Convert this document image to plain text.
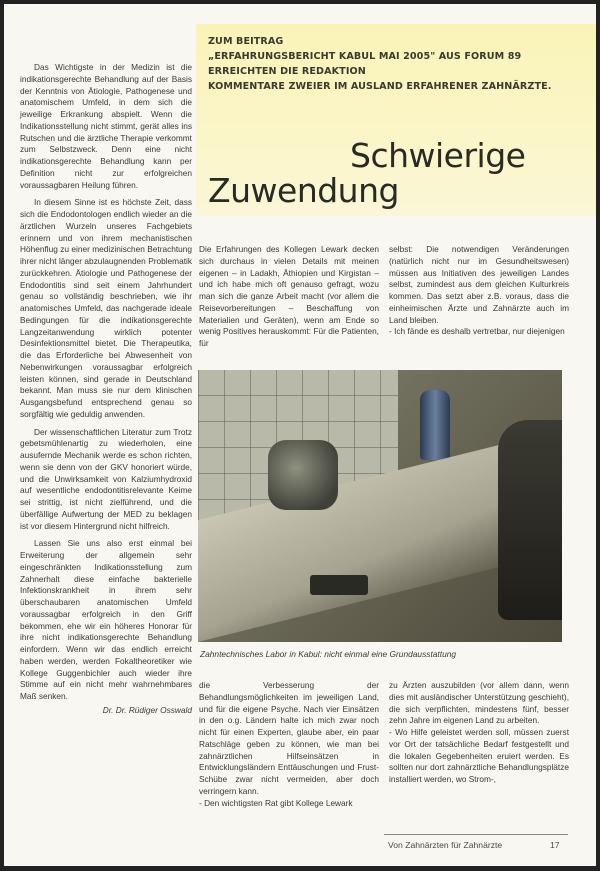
ZUM BEITRAG
„ERFAHRUNGSBERICHT KABUL MAI 2005" AUS FORUM 89
ERREICHTEN DIE REDAKTION
KOMMENTARE ZWEIER IM AUSLAND ERFAHRENER ZAHNÄRZTE.
Schwierige
Zuwendung

Das Wichtigste in der Medizin ist die indikationsgerechte Behandlung auf der Basis der Kenntnis von Ätiologie, Pathogenese und anatomischem Umfeld, in dem sich die jeweilige Erkrankung abspielt. Wenn die Indikationsstellung nicht stimmt, gerät alles ins Rutschen und die ärztliche Therapie verkommt zum Selbstzweck. Denn eine nicht indikationsgerechte Behandlung kann per Definition nicht zur erfolgreichen voraussagbaren Heilung führen.

In diesem Sinne ist es höchste Zeit, dass sich die Endodontologen endlich wieder an die ärztlichen Wurzeln unseres Fachgebiets erinnern und von ihrem mechanistischen Höhenflug zu einer medizinischen Betrachtung ihrer nicht länger abzulaugnenden Problematik zurückkehren. Ätiologie und Pathogenese der Endodontitis sind seit einem Jahrhundert genau so vollständig beschrieben, wie ihr anatomisches Umfeld, das nachgerade ideale Bedingungen für die indikationsgerechte Langzeitanwendung wirklich potenter Desinfektionsmittel bietet. Die Therapeutika, die das Erforderliche bei Abwesenheit von Nebenwirkungen voraussagbar erfolgreich leisten können, sind gerade in Deutschland bekannt. Man muss sie nur dem klinischen Ausgangsbefund entsprechend genau so sorgfältig wie geduldig anwenden.

Der wissenschaftlichen Literatur zum Trotz gebetsmühlenartig zu wiederholen, eine ausufernde Mechanik werde es schon richten, wenn sie denn von der GKV honoriert würde, und die Unwirksamkeit von Kalziumhydroxid auf wesentliche endodontitisrelevante Keime sei strittig, ist nicht zielführend, und die überfällige Aufwertung der MED zu beklagen ist vor diesem Hintergrund nicht hilfreich.

Lassen Sie uns also erst einmal bei Erweiterung der allgemein sehr eingeschränkten Indikationsstellung zum Zahnerhalt diese einfache bakterielle Infektionskrankheit in ihrem sehr überschaubaren anatomischen Umfeld voraussagbar erfolgreich in den Griff bekommen, ehe wir ein höheres Honorar für ihre nicht indikationsgerechte Behandlung einfordern. Wenn wir das endlich erreicht haben werden, werden Fokaltheoretiker wie Kollege Guggenbichler auch wieder ihre Stimme auf ein nicht mehr wahrnehmbares Maß senken.

Dr. Dr. Rüdiger Osswald

Die Erfahrungen des Kollegen Lewark decken sich durchaus in vielen Details mit meinen eigenen – in Ladakh, Äthiopien und Kirgistan – und ich habe mich oft genauso gefragt, wozu man sich die ganze Arbeit macht (vor allem die Reisevorbereitungen – Beschaffung von Materialien und Geräten), wenn am Ende so wenig Positives herauskommt: Für die Patienten, für

selbst: Die notwendigen Veränderungen (natürlich nicht nur im Gesundheitswesen) müssen aus Initiativen des jeweiligen Landes selbst, zumindest aus dem gleichen Kulturkreis kommen. Das setzt aber z.B. voraus, dass die einheimischen Ärzte und Zahnärzte auch im Land bleiben.
- Ich fände es deshalb vertretbar, nur diejenigen

Zahntechnisches Labor in Kabul: nicht einmal eine Grundausstattung

die Verbesserung der Behandlungsmöglichkeiten im jeweiligen Land, und für die eigene Psyche. Nach vier Einsätzen in den o.g. Ländern halte ich mich zwar noch nicht für einen Experten, glaube aber, ein paar Ratschläge geben zu können, wie man bei zahnärztlichen Hilfseinsätzen in Entwicklungsländern Enttäuschungen und Frust-Schübe zwar nicht vermeiden, aber doch verringern kann.
- Den wichtigsten Rat gibt Kollege Lewark

zu Ärzten auszubilden (vor allem dann, wenn dies mit ausländischer Unterstützung geschieht), die sich verpflichten, mindestens fünf, besser zehn Jahre im eigenen Land zu arbeiten.
- Wo Hilfe geleistet werden soll, müssen zuerst vor Ort der tatsächliche Bedarf festgestellt und die lokalen Gegebenheiten eruiert werden. Es sollten nur dort zahnärztliche Behandlungsplätze installiert werden, wo Strom-,

Von Zahnärzten für Zahnärzte	17
